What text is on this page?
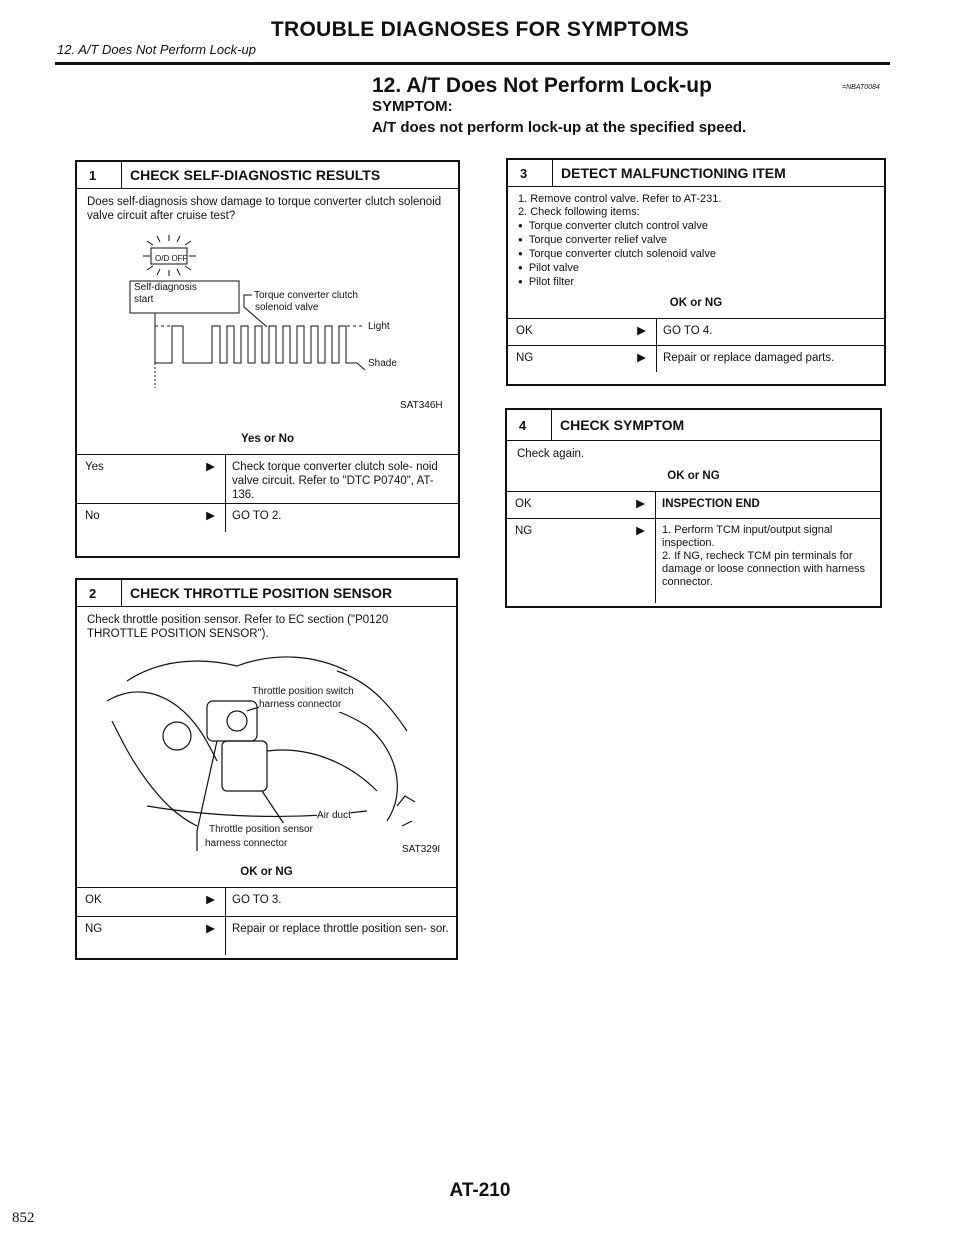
TROUBLE DIAGNOSES FOR SYMPTOMS
12. A/T Does Not Perform Lock-up
12. A/T Does Not Perform Lock-up	=NBAT0084
SYMPTOM:
A/T does not perform lock-up at the specified speed.
1	CHECK SELF-DIAGNOSTIC RESULTS
Does self-diagnosis show damage to torque converter clutch solenoid valve circuit after cruise test?
O/D OFF
Self-diagnosis start	Torque converter clutch
solenoid valve
Light
Shade
SAT346H
Yes or No
Yes	▶	Check torque converter clutch sole- noid valve circuit. Refer to "DTC P0740", AT-136.
No	▶	GO TO 2.
2	CHECK THROTTLE POSITION SENSOR
Check throttle position sensor. Refer to EC section ("P0120 THROTTLE POSITION SENSOR").
Throttle position switch
harness connector
Air duct
Throttle position sensor
harness connector
SAT329I
OK or NG
OK	▶	GO TO 3.
NG	▶	Repair or replace throttle position sen- sor.
3	DETECT MALFUNCTIONING ITEM
1. Remove control valve. Refer to AT-231.
2. Check following items:
● Torque converter clutch control valve
● Torque converter relief valve
● Torque converter clutch solenoid valve
● Pilot valve
● Pilot filter
OK or NG
OK	▶	GO TO 4.
NG	▶	Repair or replace damaged parts.
4	CHECK SYMPTOM
Check again.
OK or NG
OK	▶	INSPECTION END
NG	▶	1. Perform TCM input/output signal inspection.
2. If NG, recheck TCM pin terminals for damage or loose connection with harness connector.
AT-210
852
